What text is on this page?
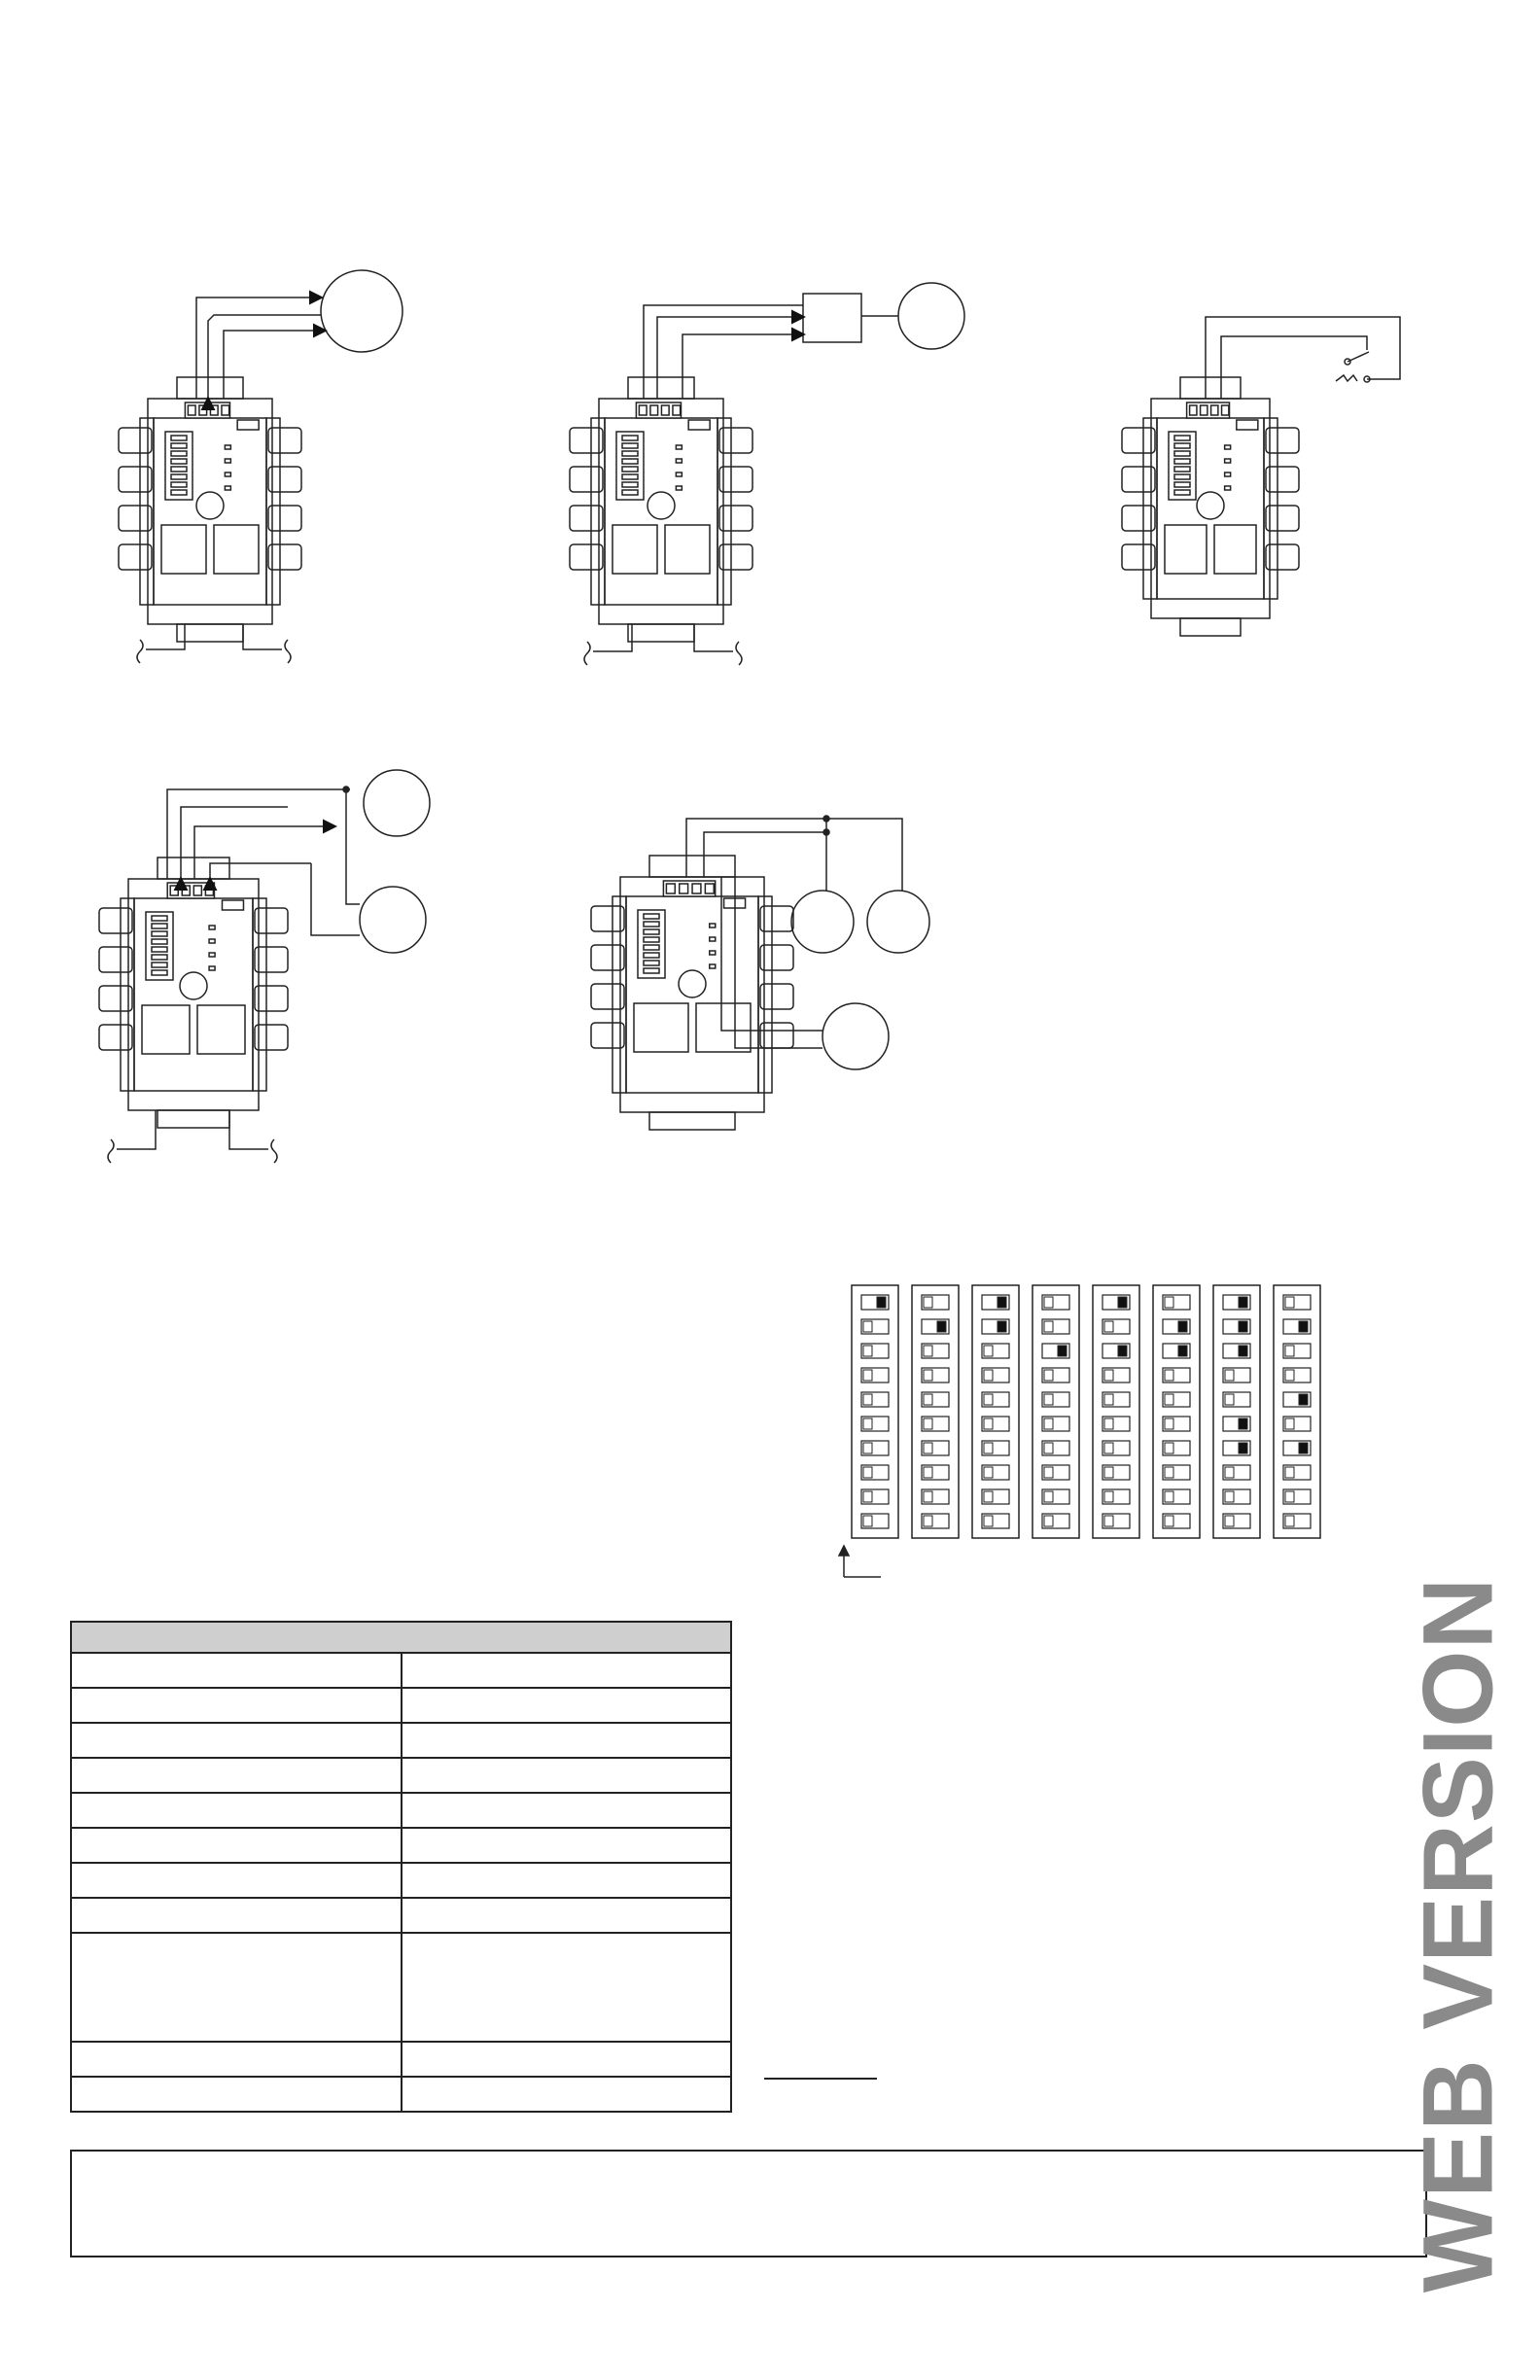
WEB VERSION
